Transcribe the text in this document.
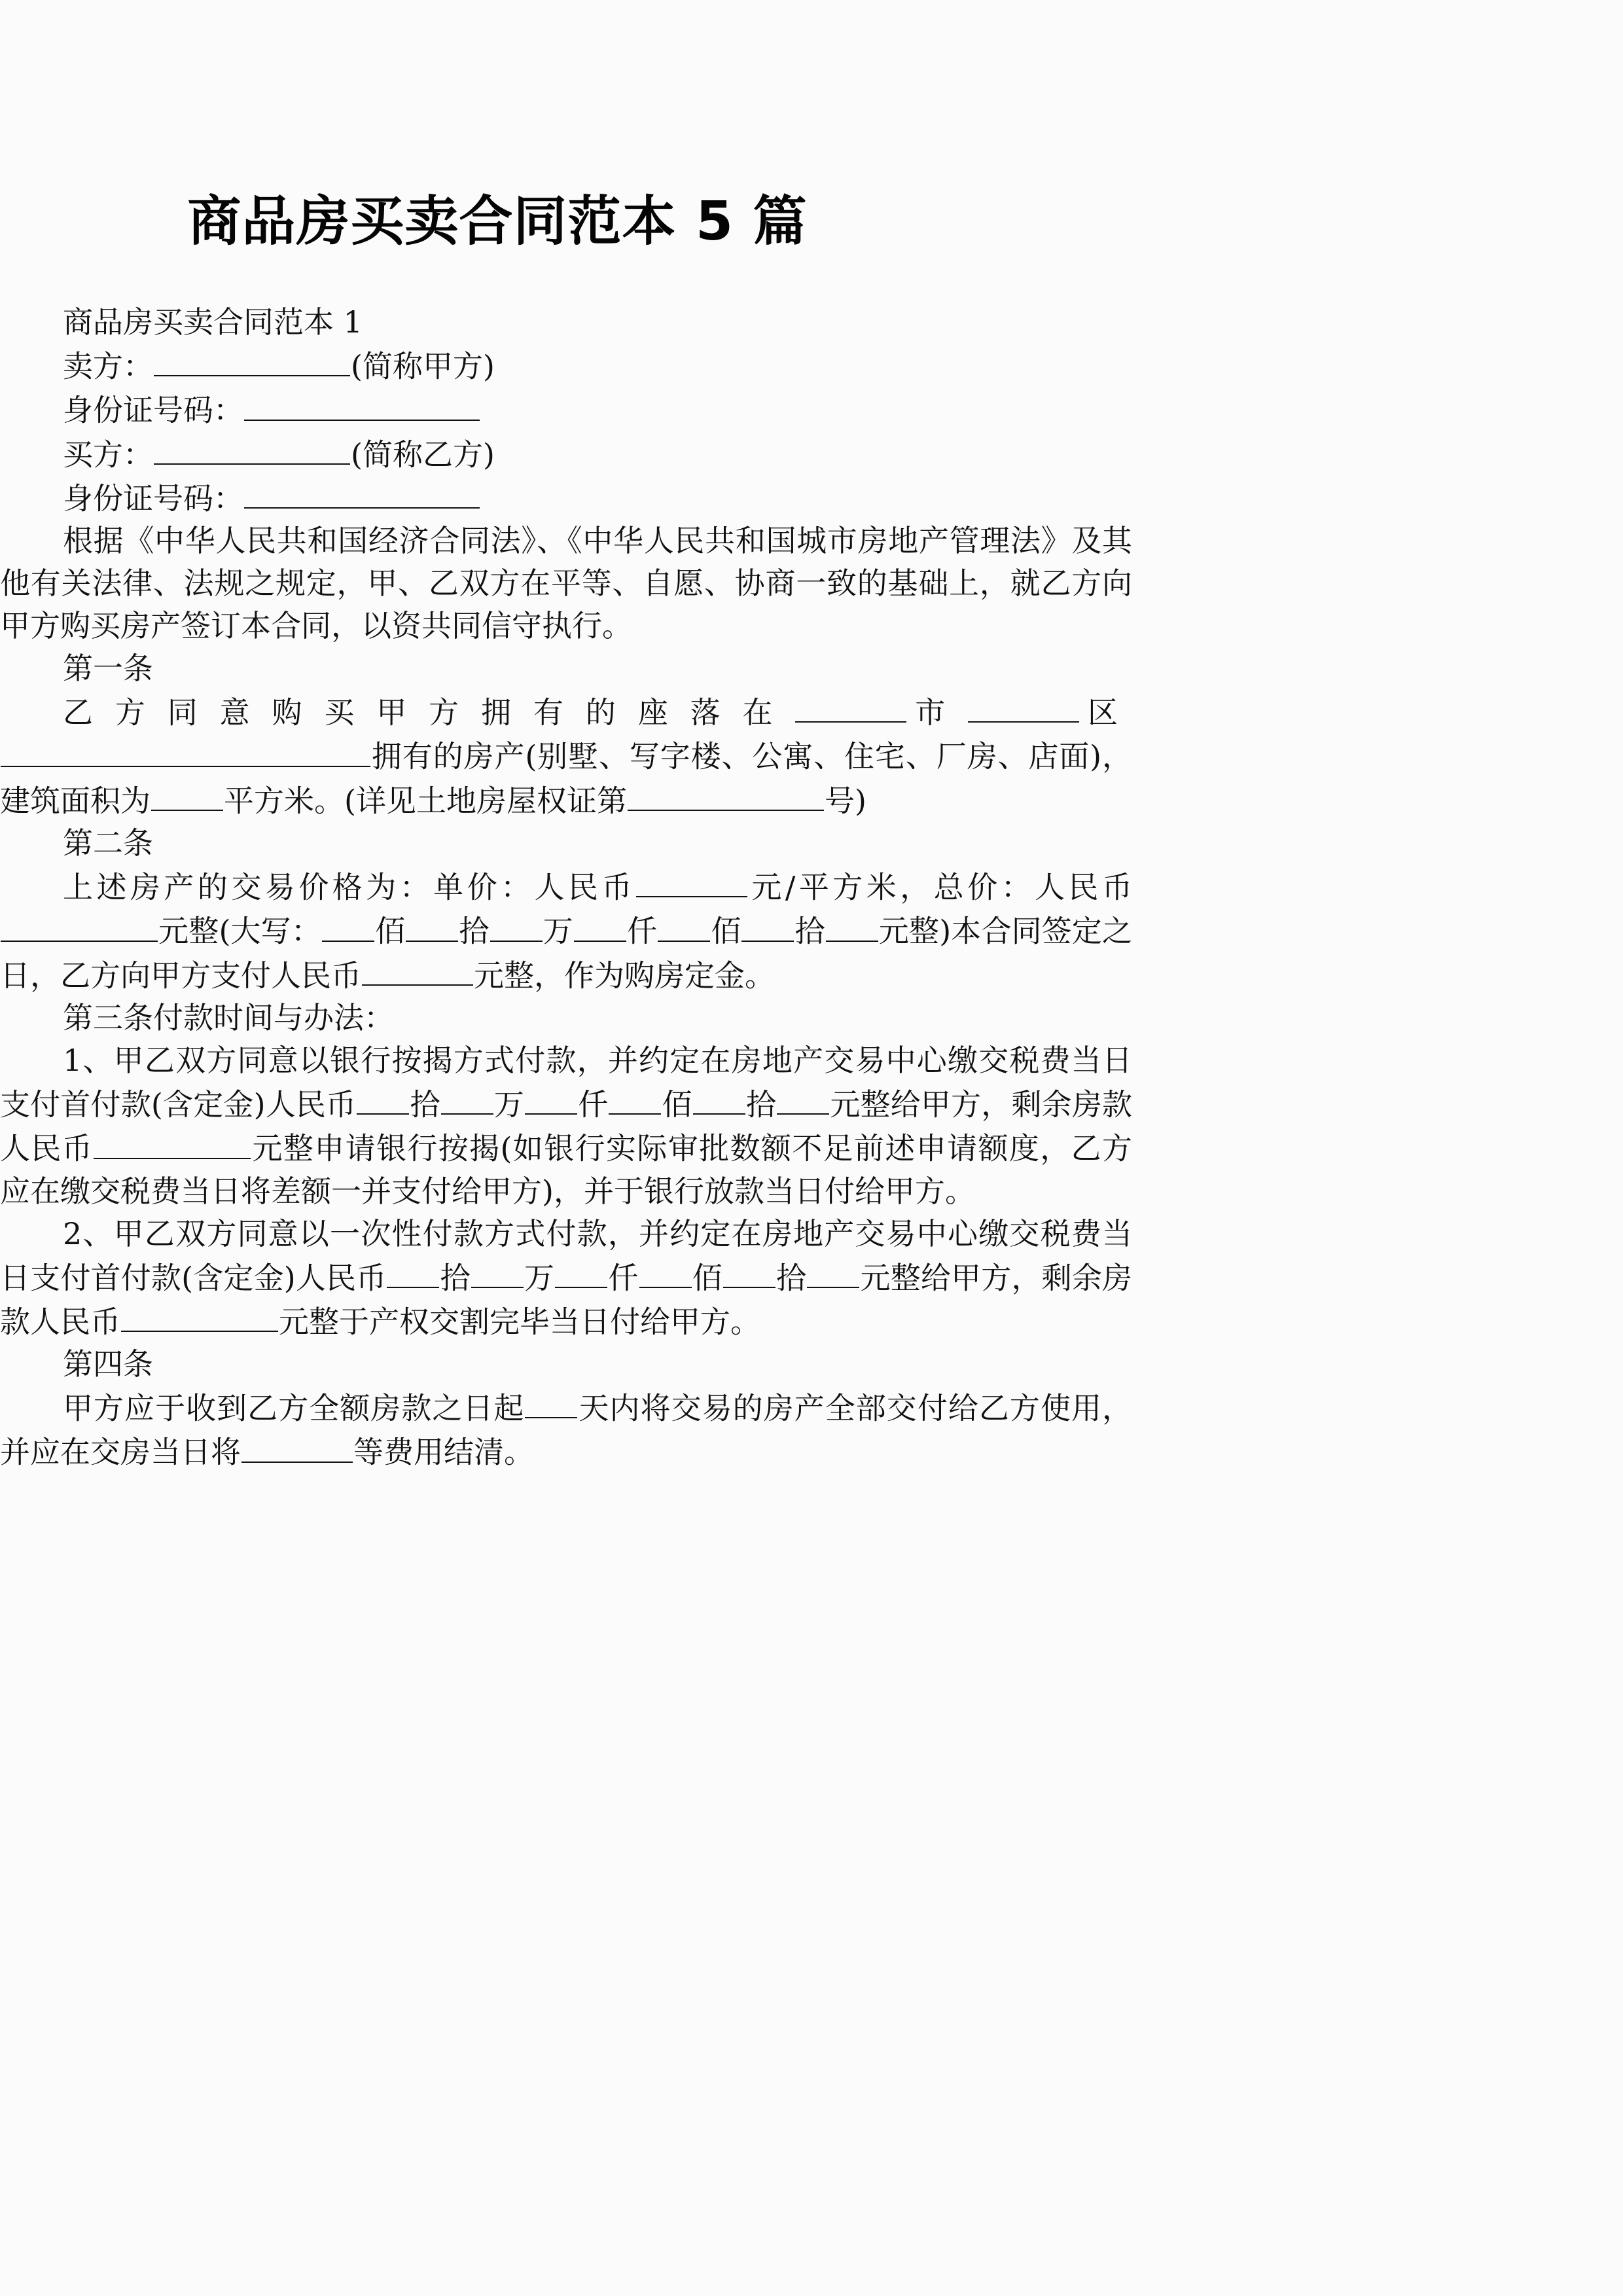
商品房买卖合同范本 5 篇

商品房买卖合同范本 1

卖方：	(简称甲方)

身份证号码：

买方：	(简称乙方)

身份证号码：

根据《中华人民共和国经济合同法》、《中华人民共和国城市房地产管理法》及其他有关法律、法规之规定，甲、乙双方在平等、自愿、协商一致的基础上，就乙方向甲方购买房产签订本合同，以资共同信守执行。

第一条

乙方同意购买甲方拥有的座落在	市	区拥有的房产(别墅、写字楼、公寓、住宅、厂房、店面)，建筑面积为 平方米。(详见土地房屋权证第	号)

第二条

上述房产的交易价格为：单价：人民币	元/平方米，总价：人民币元整(大写： 佰 拾 万 仟 佰 拾 元整)本合同签定之日，乙方向甲方支付人民币	元整，作为购房定金。

第三条付款时间与办法：

1、甲乙双方同意以银行按揭方式付款，并约定在房地产交易中心缴交税费当日支付首付款(含定金)人民币 拾 万 仟 佰 拾 元整给甲方，剩余房款人民币	元整申请银行按揭(如银行实际审批数额不足前述申请额度，乙方应在缴交税费当日将差额一并支付给甲方)，并于银行放款当日付给甲方。

2、甲乙双方同意以一次性付款方式付款，并约定在房地产交易中心缴交税费当日支付首付款(含定金)人民币 拾 万 仟 佰 拾 元整给甲方，剩余房款人民币	元整于产权交割完毕当日付给甲方。

第四条

甲方应于收到乙方全额房款之日起 天内将交易的房产全部交付给乙方使用，并应在交房当日将	等费用结清。
